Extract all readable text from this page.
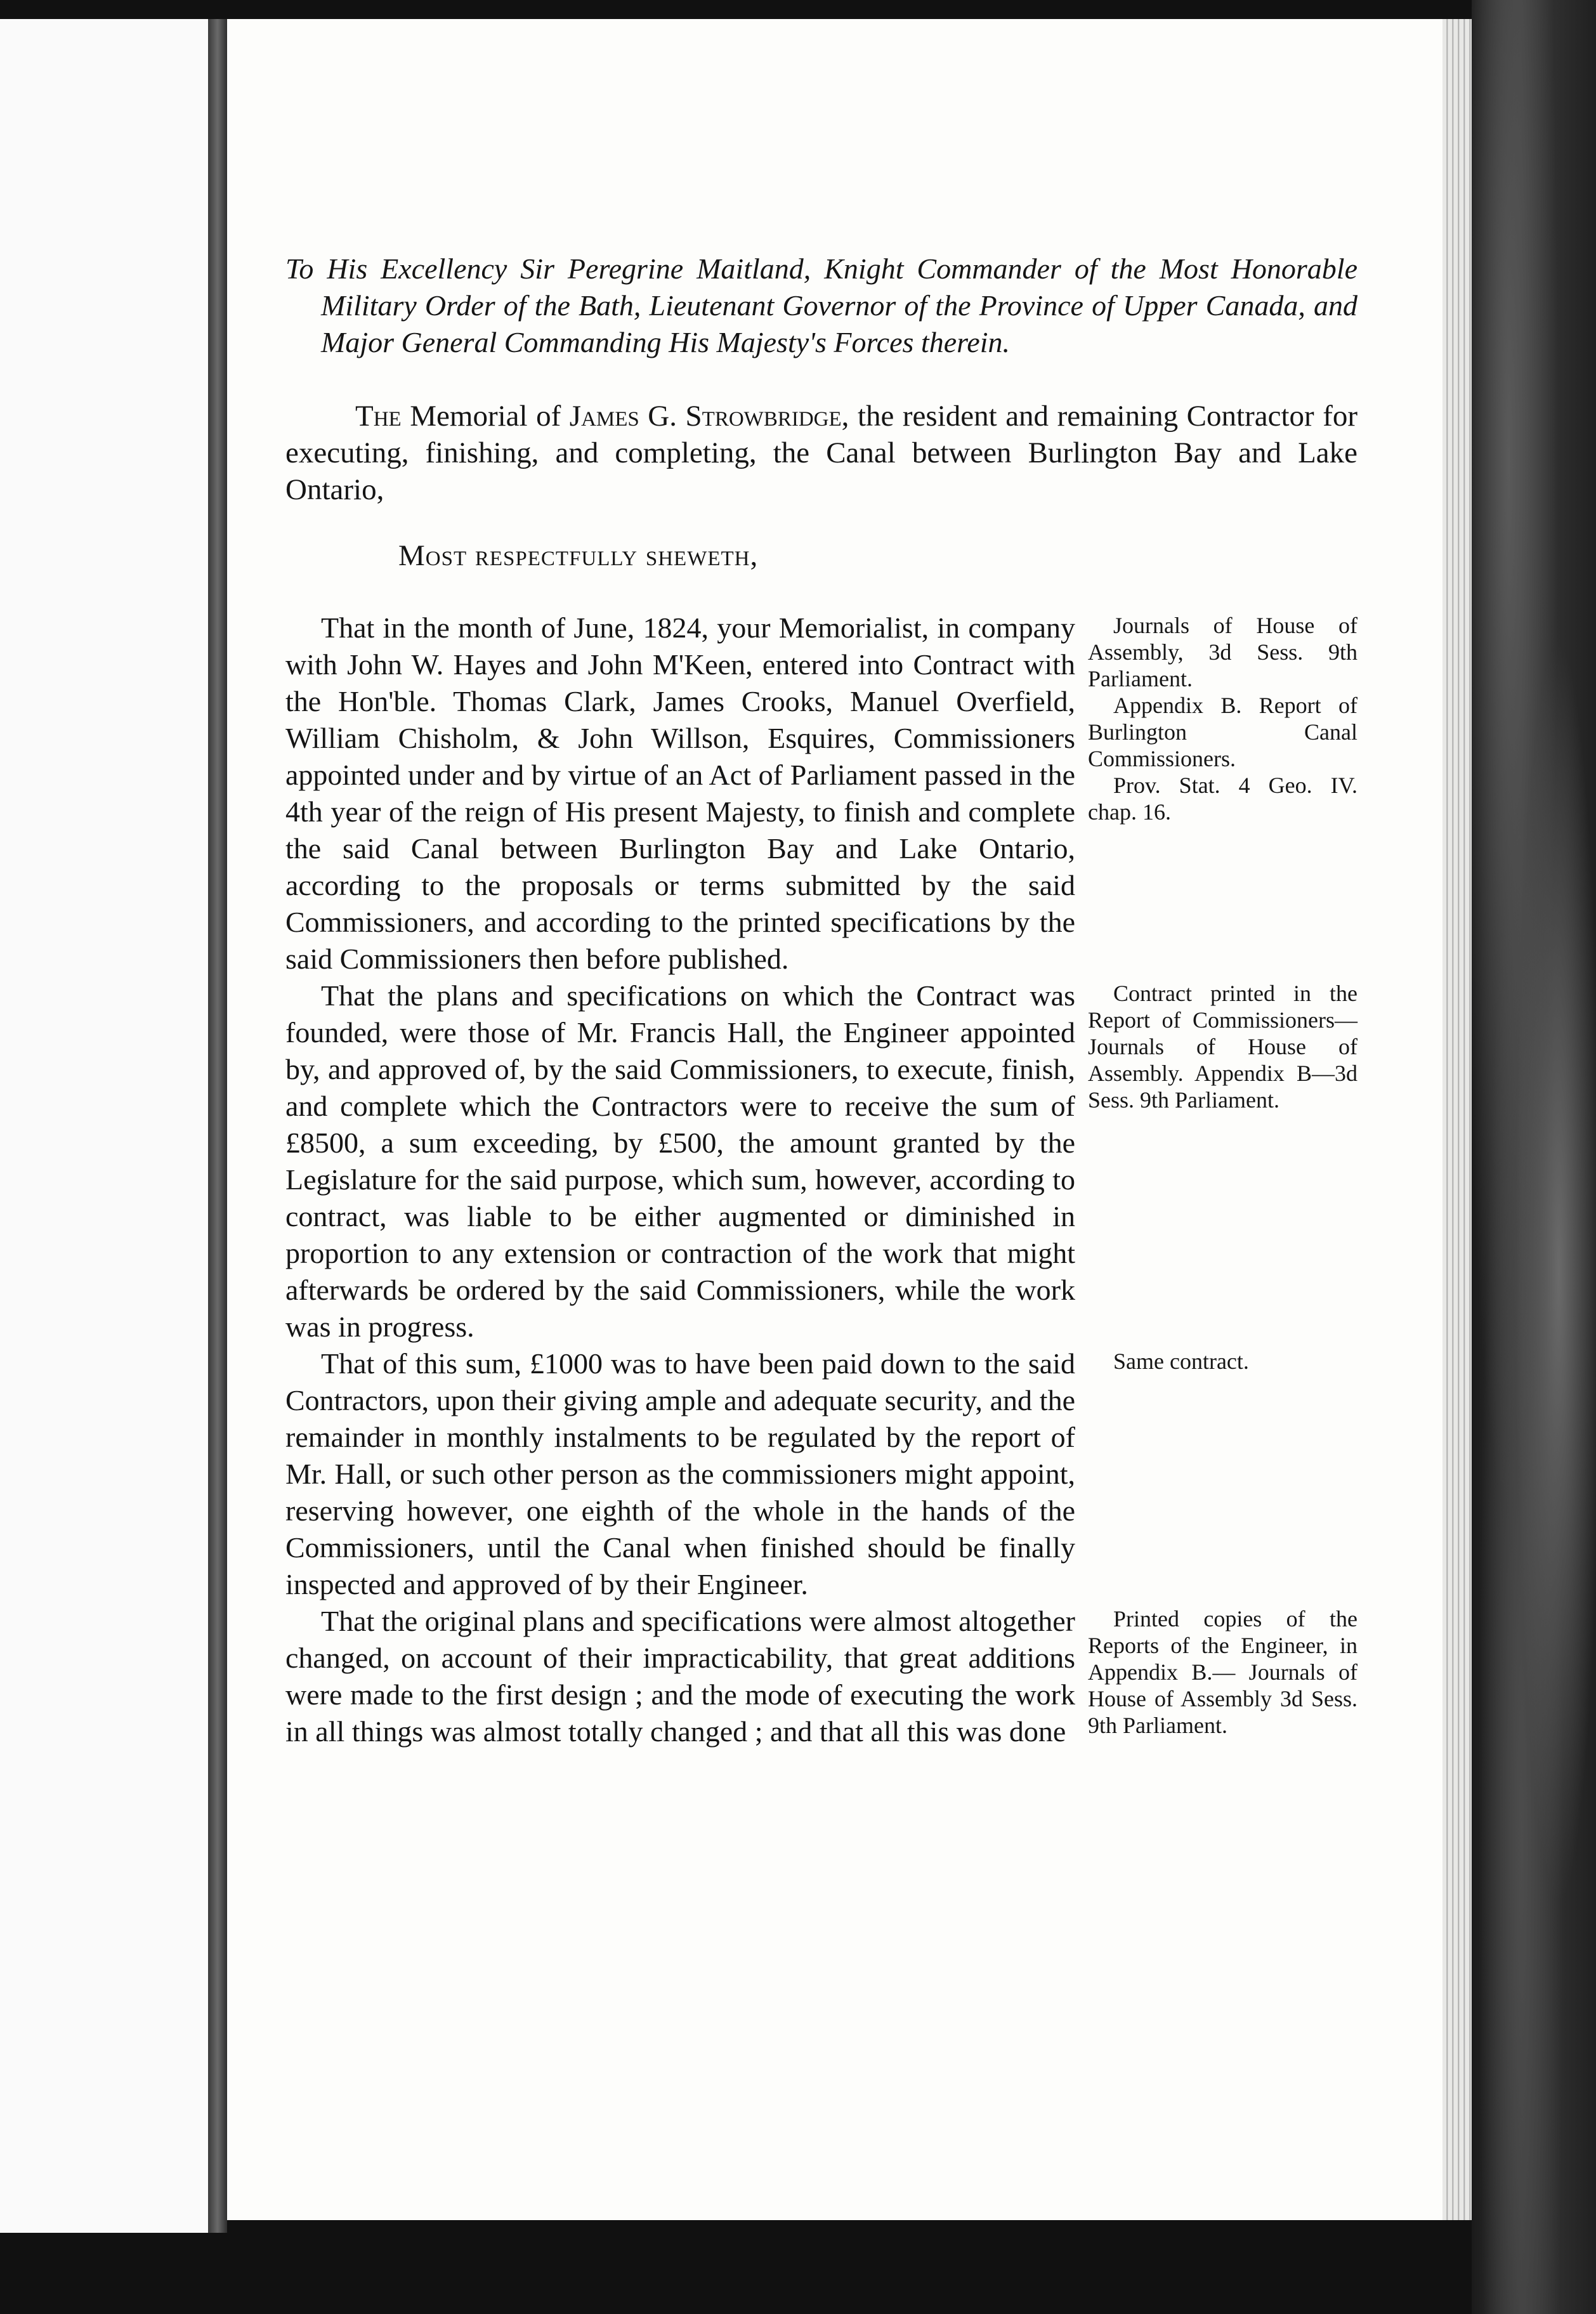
To His Excellency Sir Peregrine Maitland, Knight Commander of the Most Honorable Military Order of the Bath, Lieutenant Governor of the Province of Upper Canada, and Major General Commanding His Majesty's Forces therein.

The Memorial of James G. Strowbridge, the resident and remaining Contractor for executing, finishing, and completing, the Canal between Burlington Bay and Lake Ontario,

Most respectfully sheweth,

That in the month of June, 1824, your Memorialist, in company with John W. Hayes and John M'Keen, entered into Contract with the Hon'ble. Thomas Clark, James Crooks, Manuel Overfield, William Chisholm, & John Willson, Esquires, Commissioners appointed under and by virtue of an Act of Parliament passed in the 4th year of the reign of His present Majesty, to finish and complete the said Canal between Burlington Bay and Lake Ontario, according to the proposals or terms submitted by the said Commissioners, and according to the printed specifications by the said Commissioners then before published.

Journals of House of Assembly, 3d Sess. 9th Parliament.

Appendix B. Report of Burlington Canal Commissioners.

Prov. Stat. 4 Geo. IV. chap. 16.

That the plans and specifications on which the Contract was founded, were those of Mr. Francis Hall, the Engineer appointed by, and approved of, by the said Commissioners, to execute, finish, and complete which the Contractors were to receive the sum of £8500, a sum exceeding, by £500, the amount granted by the Legislature for the said purpose, which sum, however, according to contract, was liable to be either augmented or diminished in proportion to any extension or contraction of the work that might afterwards be ordered by the said Commissioners, while the work was in progress.

Contract printed in the Report of Commissioners— Journals of House of Assembly. Appendix B—3d Sess. 9th Parliament.

That of this sum, £1000 was to have been paid down to the said Contractors, upon their giving ample and adequate security, and the remainder in monthly instalments to be regulated by the report of Mr. Hall, or such other person as the commissioners might appoint, reserving however, one eighth of the whole in the hands of the Commissioners, until the Canal when finished should be finally inspected and approved of by their Engineer.

Same contract.

That the original plans and specifications were almost altogether changed, on account of their impracticability, that great additions were made to the first design ; and the mode of executing the work in all things was almost totally changed ; and that all this was done

Printed copies of the Reports of the Engineer, in Appendix B.— Journals of House of Assembly 3d Sess. 9th Parliament.
